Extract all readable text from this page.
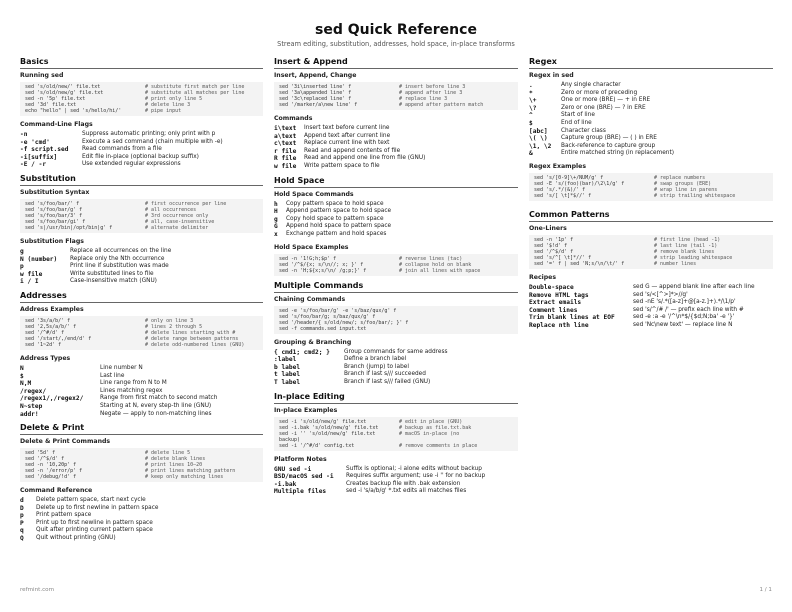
sed Quick Reference
Stream editing, substitution, addresses, hold space, in-place transforms
Basics
Running sed
sed 's/old/new/' file.txt	# substitute first match per line
sed 's/old/new/g' file.txt	# substitute all matches per line
sed -n '5p' file.txt	# print only line 5
sed '3d' file.txt	# delete line 3
echo "hello" | sed 's/hello/hi/'	# pipe input
Command-Line Flags
-n	Suppress automatic printing; only print with p
-e 'cmd'	Execute a sed command (chain multiple with -e)
-f script.sed	Read commands from a file
-i[suffix]	Edit file in-place (optional backup suffix)
-E / -r	Use extended regular expressions
Substitution
Substitution Syntax
sed 's/foo/bar/' f	# first occurrence per line
sed 's/foo/bar/g' f	# all occurrences
sed 's/foo/bar/3' f	# 3rd occurrence only
sed 's/foo/bar/gi' f	# all, case-insensitive
sed 's|/usr/bin|/opt/bin|g' f	# alternate delimiter
Substitution Flags
g	Replace all occurrences on the line
N (number)	Replace only the Nth occurrence
p	Print line if substitution was made
w file	Write substituted lines to file
i / I	Case-insensitive match (GNU)
Addresses
Address Examples
sed '3s/a/b/' f	# only on line 3
sed '2,5s/a/b/' f	# lines 2 through 5
sed '/^#/d' f	# delete lines starting with #
sed '/start/,/end/d' f	# delete range between patterns
sed '1~2d' f	# delete odd-numbered lines (GNU)
Address Types
N	Line number N
$	Last line
N,M	Line range from N to M
/regex/	Lines matching regex
/regex1/,/regex2/	Range from first match to second match
N~step	Starting at N, every step-th line (GNU)
addr!	Negate — apply to non-matching lines
Delete & Print
Delete & Print Commands
sed '5d' f	# delete line 5
sed '/^$/d' f	# delete blank lines
sed -n '10,20p' f	# print lines 10–20
sed -n '/error/p' f	# print lines matching pattern
sed '/debug/!d' f	# keep only matching lines
Command Reference
d	Delete pattern space, start next cycle
D	Delete up to first newline in pattern space
p	Print pattern space
P	Print up to first newline in pattern space
q	Quit after printing current pattern space
Q	Quit without printing (GNU)
Insert & Append
Insert, Append, Change
sed '3i\inserted line' f	# insert before line 3
sed '3a\appended line' f	# append after line 3
sed '3c\replaced line' f	# replace line 3
sed '/marker/a\new line' f	# append after pattern match
Commands
i\text	Insert text before current line
a\text	Append text after current line
c\text	Replace current line with text
r file	Read and append contents of file
R file	Read and append one line from file (GNU)
w file	Write pattern space to file
Hold Space
Hold Space Commands
h	Copy pattern space to hold space
H	Append pattern space to hold space
g	Copy hold space to pattern space
G	Append hold space to pattern space
x	Exchange pattern and hold spaces
Hold Space Examples
sed -n '1!G;h;$p' f	# reverse lines (tac)
sed '/^$/{x; s/\n//; x; }' f	# collapse hold on blank
sed -n 'H;${x;s/\n/ /g;p;}' f	# join all lines with space
Multiple Commands
Chaining Commands
sed -e 's/foo/bar/g' -e 's/baz/qux/g' f
sed 's/foo/bar/g; s/baz/qux/g' f
sed '/header/{ s/old/new/; s/foo/bar/; }' f
sed -f commands.sed input.txt
Grouping & Branching
{ cmd1; cmd2; }	Group commands for same address
:label	Define a branch label
b label	Branch (jump) to label
t label	Branch if last s/// succeeded
T label	Branch if last s/// failed (GNU)
In-place Editing
In-place Examples
sed -i 's/old/new/g' file.txt	# edit in place (GNU)
sed -i.bak 's/old/new/g' file.txt	# backup as file.txt.bak
sed -i '' 's/old/new/g' file.txt	# macOS in-place (no
backup)
sed -i '/^#/d' config.txt	# remove comments in place
Platform Notes
GNU sed -i	Suffix is optional; -i alone edits without backup
BSD/macOS sed -i	Requires suffix argument; use -i '' for no backup
-i.bak	Creates backup file with .bak extension
Multiple files	sed -i 's/a/b/g' *.txt edits all matches files
Regex
Regex in sed
.	Any single character
*	Zero or more of preceding
\+	One or more (BRE) — + in ERE
\?	Zero or one (BRE) — ? in ERE
^	Start of line
$	End of line
[abc]	Character class
\( \)	Capture group (BRE) — ( ) in ERE
\1, \2	Back-reference to capture group
&	Entire matched string (in replacement)
Regex Examples
sed 's/[0-9]\+/NUM/g' f	# replace numbers
sed -E 's/(foo)(bar)/\2\1/g' f	# swap groups (ERE)
sed 's/.*/(&)/' f	# wrap line in parens
sed 's/[ \t]*$//' f	# strip trailing whitespace
Common Patterns
One-Liners
sed -n '1p' f	# first line (head -1)
sed '$!d' f	# last line (tail -1)
sed '/^$/d' f	# remove blank lines
sed 's/^[ \t]*//' f	# strip leading whitespace
sed '=' f | sed 'N;s/\n/\t/' f	# number lines
Recipes
Double-space	sed G — append blank line after each line
Remove HTML tags	sed 's/<[^>]*>//g'
Extract emails	sed -nE 's/.*([a-z]+@[a-z.]+).*/\1/p'
Comment lines	sed 's/^/# /' — prefix each line with #
Trim blank lines at EOF	sed -e :a -e '/^\n*$/{$d;N;ba' -e '}'
Replace nth line	sed 'Nc\new text' — replace line N
refmint.com	1 / 1
